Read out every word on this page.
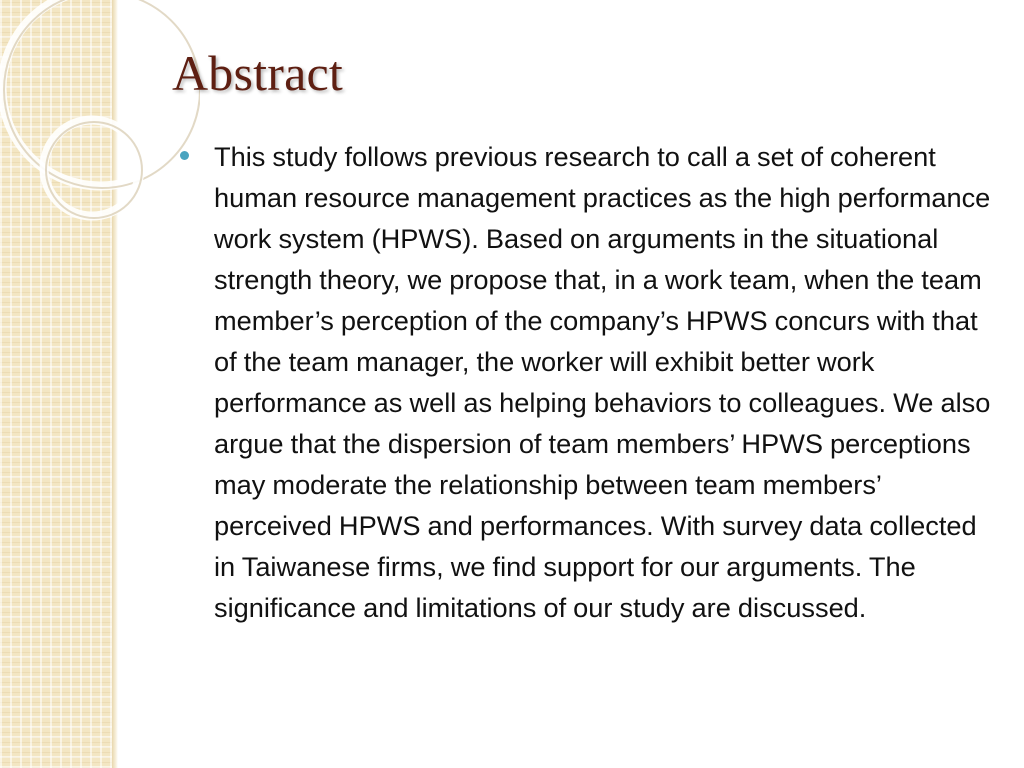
Abstract

This study follows previous research to call a set of coherent human resource management practices as the high performance work system (HPWS). Based on arguments in the situational strength theory, we propose that, in a work team, when the team member’s perception of the company’s HPWS concurs with that of the team manager, the worker will exhibit better work performance as well as helping behaviors to colleagues. We also argue that the dispersion of team members’ HPWS perceptions may moderate the relationship between team members’ perceived HPWS and performances. With survey data collected in Taiwanese firms, we find support for our arguments. The significance and limitations of our study are discussed.
